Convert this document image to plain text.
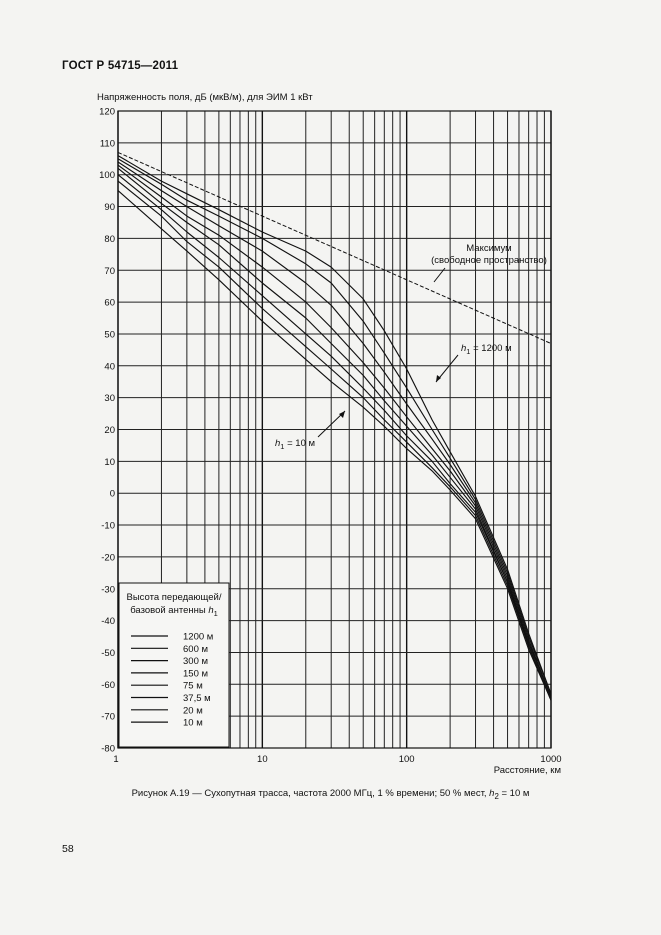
ГОСТ Р 54715—2011
Напряженность поля, дБ (мкВ/м), для ЭИМ 1 кВт
120
110
100
90
80
70
60
50
40
30
20
10
0
-10
-20
-30
-40
-50
-60
-70
-80
1	10	100	1000
Расстояние, км
Максимум
(свободное пространство)
$h_1 = 1200$ м
$h_1 = 10$ м
Высота передающей/
базовой антенны $h_1$
1200 м
600 м
300 м
150 м
75 м
37,5 м
20 м
10 м
Рисунок А.19 — Сухопутная трасса, частота 2000 МГц, 1 % времени; 50 % мест, $h_2 = 10$ м
58
